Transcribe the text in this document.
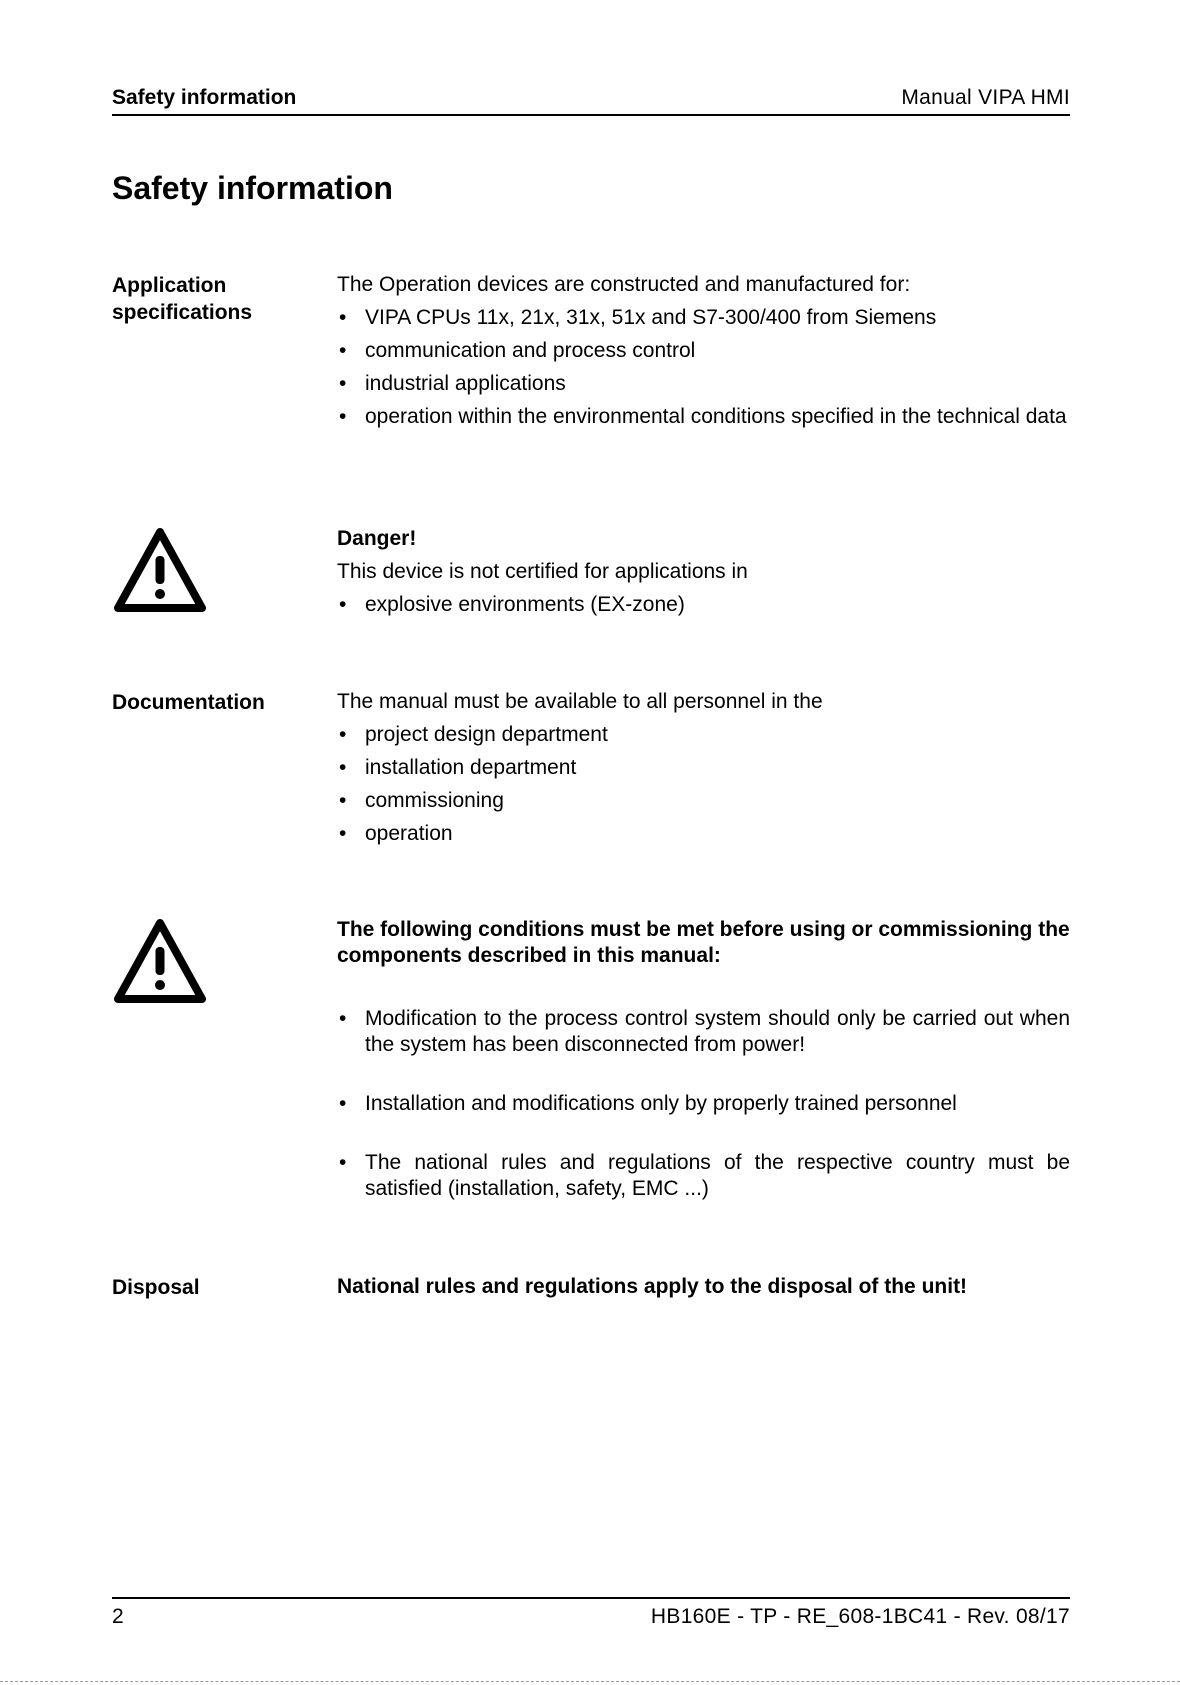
Safety information	Manual VIPA HMI
Safety information
Application specifications

The Operation devices are constructed and manufactured for:

• VIPA CPUs 11x, 21x, 31x, 51x and S7-300/400 from Siemens
• communication and process control
• industrial applications
• operation within the environmental conditions specified in the technical data

Danger!

This device is not certified for applications in

• explosive environments (EX-zone)
Documentation	The manual must be available to all personnel in the

• project design department
• installation department
• commissioning
• operation

The following conditions must be met before using or commissioning the components described in this manual:

• Modification to the process control system should only be carried out when the system has been disconnected from power!
• Installation and modifications only by properly trained personnel
• The national rules and regulations of the respective country must be satisfied (installation, safety, EMC ...)
Disposal	National rules and regulations apply to the disposal of the unit!

2	HB160E - TP - RE_608-1BC41 - Rev. 08/17
